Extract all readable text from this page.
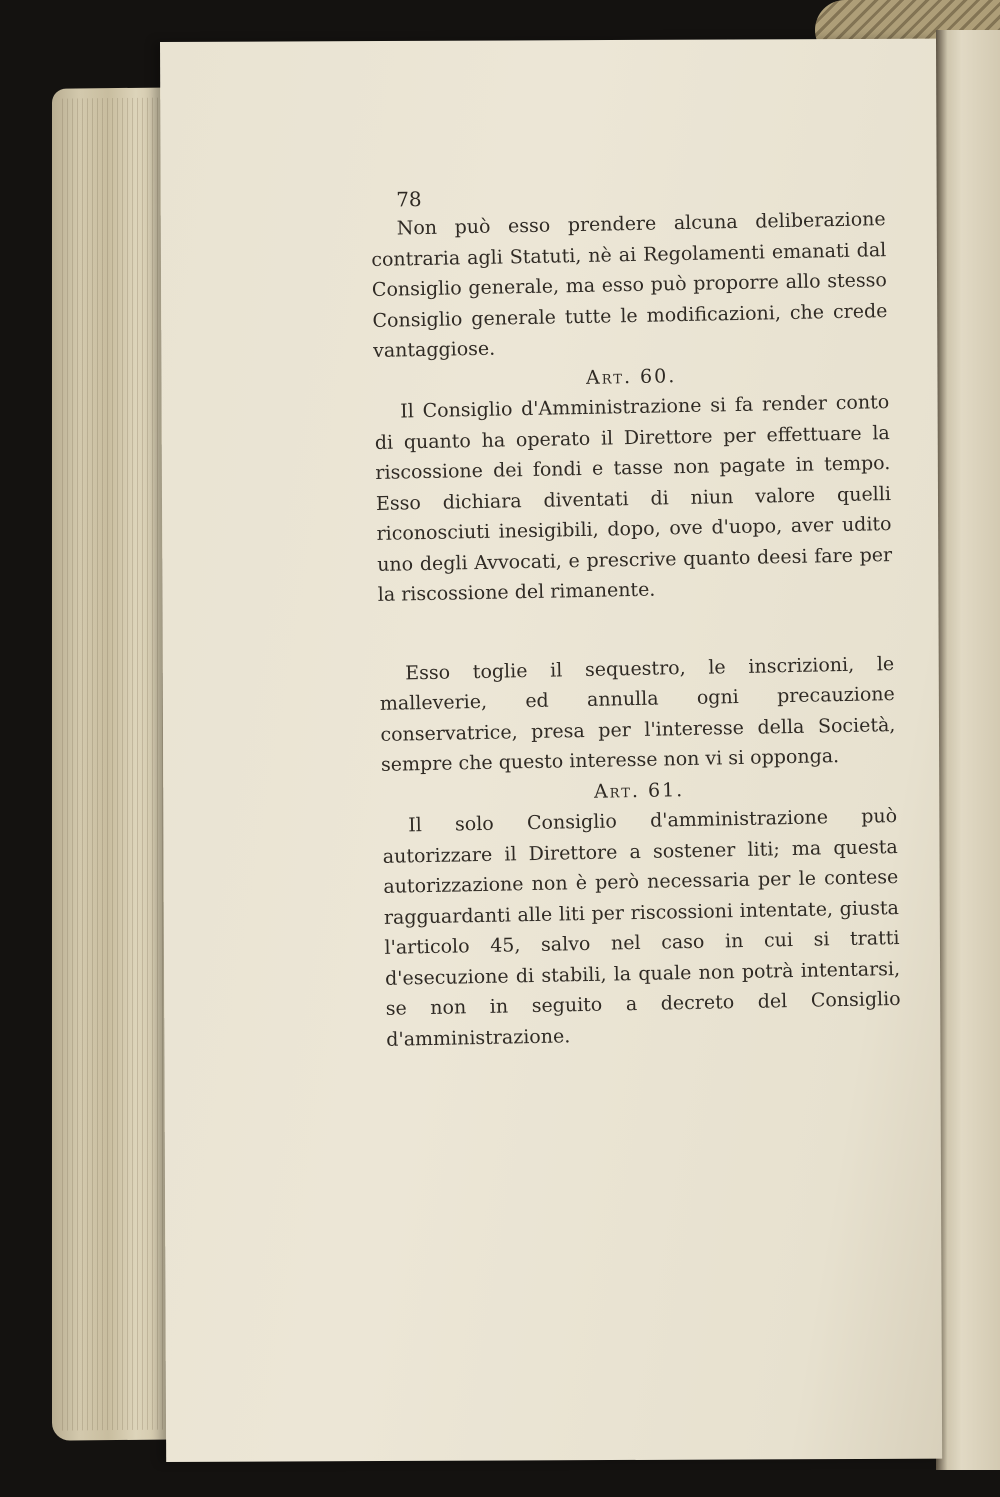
78

Non può esso prendere alcuna deliberazione contraria agli Statuti, nè ai Regolamenti emanati dal Consiglio generale, ma esso può proporre allo stesso Consiglio generale tutte le modificazioni, che crede vantaggiose.

Art. 60.

Il Consiglio d'Amministrazione si fa render conto di quanto ha operato il Direttore per effettuare la riscossione dei fondi e tasse non pagate in tempo. Esso dichiara diventati di niun valore quelli riconosciuti inesigibili, dopo, ove d'uopo, aver udito uno degli Avvocati, e prescrive quanto deesi fare per la riscossione del rimanente.

Esso toglie il sequestro, le inscrizioni, le malleverie, ed annulla ogni precauzione conservatrice, presa per l'interesse della Società, sempre che questo interesse non vi si opponga.

Art. 61.

Il solo Consiglio d'amministrazione può autorizzare il Direttore a sostener liti; ma questa autorizzazione non è però necessaria per le contese ragguardanti alle liti per riscossioni intentate, giusta l'articolo 45, salvo nel caso in cui si tratti d'esecuzione di stabili, la quale non potrà intentarsi, se non in seguito a decreto del Consiglio d'amministrazione.
